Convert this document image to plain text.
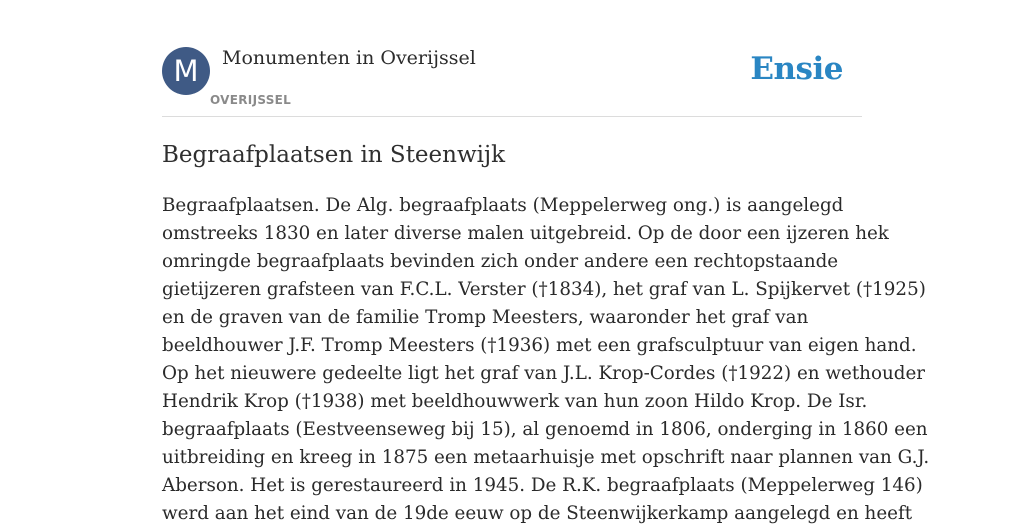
M	Monumenten in Overijssel
OVERIJSSEL
Ensie
Begraafplaatsen in Steenwijk

Begraafplaatsen. De Alg. begraafplaats (Meppelerweg ong.) is aangelegd
omstreeks 1830 en later diverse malen uitgebreid. Op de door een ijzeren hek
omringde begraafplaats bevinden zich onder andere een rechtopstaande
gietijzeren grafsteen van F.C.L. Verster (†1834), het graf van L. Spijkervet (†1925)
en de graven van de familie Tromp Meesters, waaronder het graf van
beeldhouwer J.F. Tromp Meesters (†1936) met een grafsculptuur van eigen hand.
Op het nieuwere gedeelte ligt het graf van J.L. Krop-Cordes (†1922) en wethouder
Hendrik Krop (†1938) met beeldhouwwerk van hun zoon Hildo Krop. De Isr.
begraafplaats (Eestveenseweg bij 15), al genoemd in 1806, onderging in 1860 een
uitbreiding en kreeg in 1875 een metaarhuisje met opschrift naar plannen van G.J.
Aberson. Het is gerestaureerd in 1945. De R.K. begraafplaats (Meppelerweg 146)
werd aan het eind van de 19de eeuw op de Steenwijkerkamp aangelegd en heeft
